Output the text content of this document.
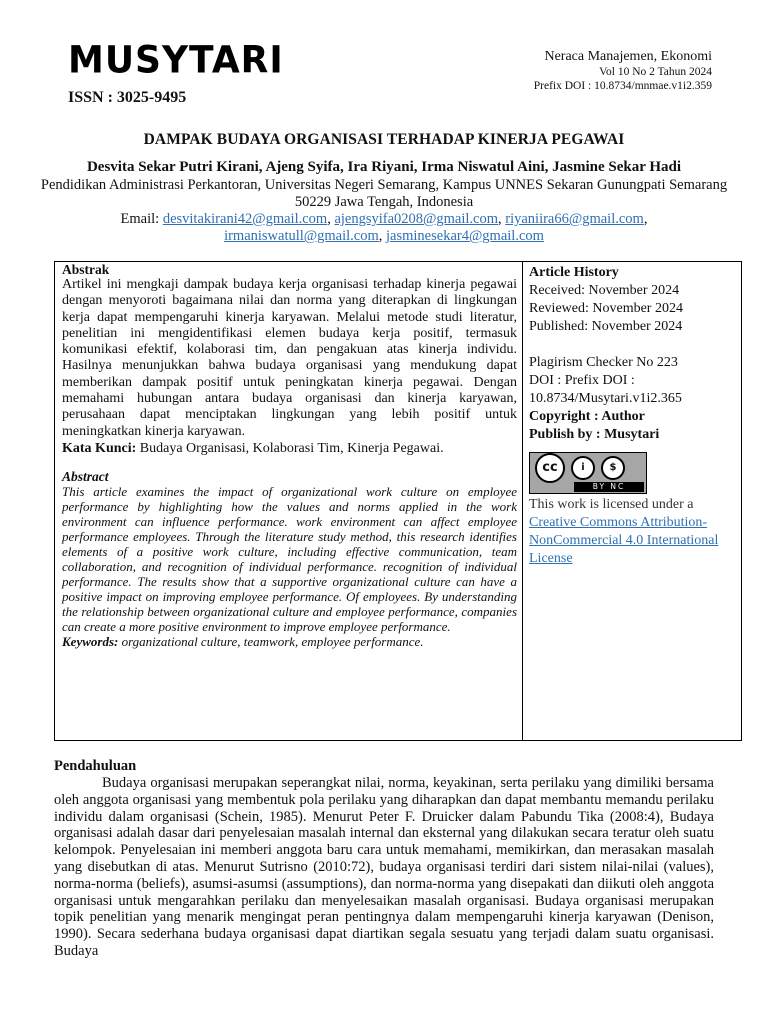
MUSYTARI
ISSN : 3025-9495
Neraca Manajemen, Ekonomi
Vol 10 No 2 Tahun 2024
Prefix DOI : 10.8734/mnmae.v1i2.359
DAMPAK BUDAYA ORGANISASI TERHADAP KINERJA PEGAWAI
Desvita Sekar Putri Kirani, Ajeng Syifa, Ira Riyani, Irma Niswatul Aini, Jasmine Sekar Hadi
Pendidikan Administrasi Perkantoran, Universitas Negeri Semarang, Kampus UNNES Sekaran Gunungpati Semarang 50229 Jawa Tengah, Indonesia
Email: desvitakirani42@gmail.com, ajengsyifa0208@gmail.com, riyaniira66@gmail.com, irmaniswatull@gmail.com, jasminesekar4@gmail.com
Abstrak
Artikel ini mengkaji dampak budaya kerja organisasi terhadap kinerja pegawai dengan menyoroti bagaimana nilai dan norma yang diterapkan di lingkungan kerja dapat mempengaruhi kinerja karyawan. Melalui metode studi literatur, penelitian ini mengidentifikasi elemen budaya kerja positif, termasuk komunikasi efektif, kolaborasi tim, dan pengakuan atas kinerja individu. Hasilnya menunjukkan bahwa budaya organisasi yang mendukung dapat memberikan dampak positif untuk peningkatan kinerja pegawai. Dengan memahami hubungan antara budaya organisasi dan kinerja karyawan, perusahaan dapat menciptakan lingkungan yang lebih positif untuk meningkatkan kinerja karyawan.
Kata Kunci: Budaya Organisasi, Kolaborasi Tim, Kinerja Pegawai.
Abstract
This article examines the impact of organizational work culture on employee performance by highlighting how the values and norms applied in the work environment can influence performance. work environment can affect employee performance employees. Through the literature study method, this research identifies elements of a positive work culture, including effective communication, team collaboration, and recognition of individual performance. recognition of individual performance. The results show that a supportive organizational culture can have a positive impact on improving employee performance. Of employees. By understanding the relationship between organizational culture and employee performance, companies can create a more positive environment to improve employee performance.
Keywords: organizational culture, teamwork, employee performance.
Article History
Received: November 2024
Reviewed: November 2024
Published: November 2024
Plagirism Checker No 223
DOI : Prefix DOI :
10.8734/Musytari.v1i2.365
Copyright : Author
Publish by : Musytari
cc	i	$
BY NC
This work is licensed under a Creative Commons Attribution-NonCommercial 4.0 International License
Pendahuluan
Budaya organisasi merupakan seperangkat nilai, norma, keyakinan, serta perilaku yang dimiliki bersama oleh anggota organisasi yang membentuk pola perilaku yang diharapkan dan dapat membantu memandu perilaku individu dalam organisasi (Schein, 1985). Menurut Peter F. Druicker dalam Pabundu Tika (2008:4), Budaya organisasi adalah dasar dari penyelesaian masalah internal dan eksternal yang dilakukan secara teratur oleh suatu kelompok. Penyelesaian ini memberi anggota baru cara untuk memahami, memikirkan, dan merasakan masalah yang disebutkan di atas. Menurut Sutrisno (2010:72), budaya organisasi terdiri dari sistem nilai-nilai (values), norma-norma (beliefs), asumsi-asumsi (assumptions), dan norma-norma yang disepakati dan diikuti oleh anggota organisasi untuk mengarahkan perilaku dan menyelesaikan masalah organisasi. Budaya organisasi merupakan topik penelitian yang menarik mengingat peran pentingnya dalam mempengaruhi kinerja karyawan (Denison, 1990). Secara sederhana budaya organisasi dapat diartikan segala sesuatu yang terjadi dalam suatu organisasi. Budaya
